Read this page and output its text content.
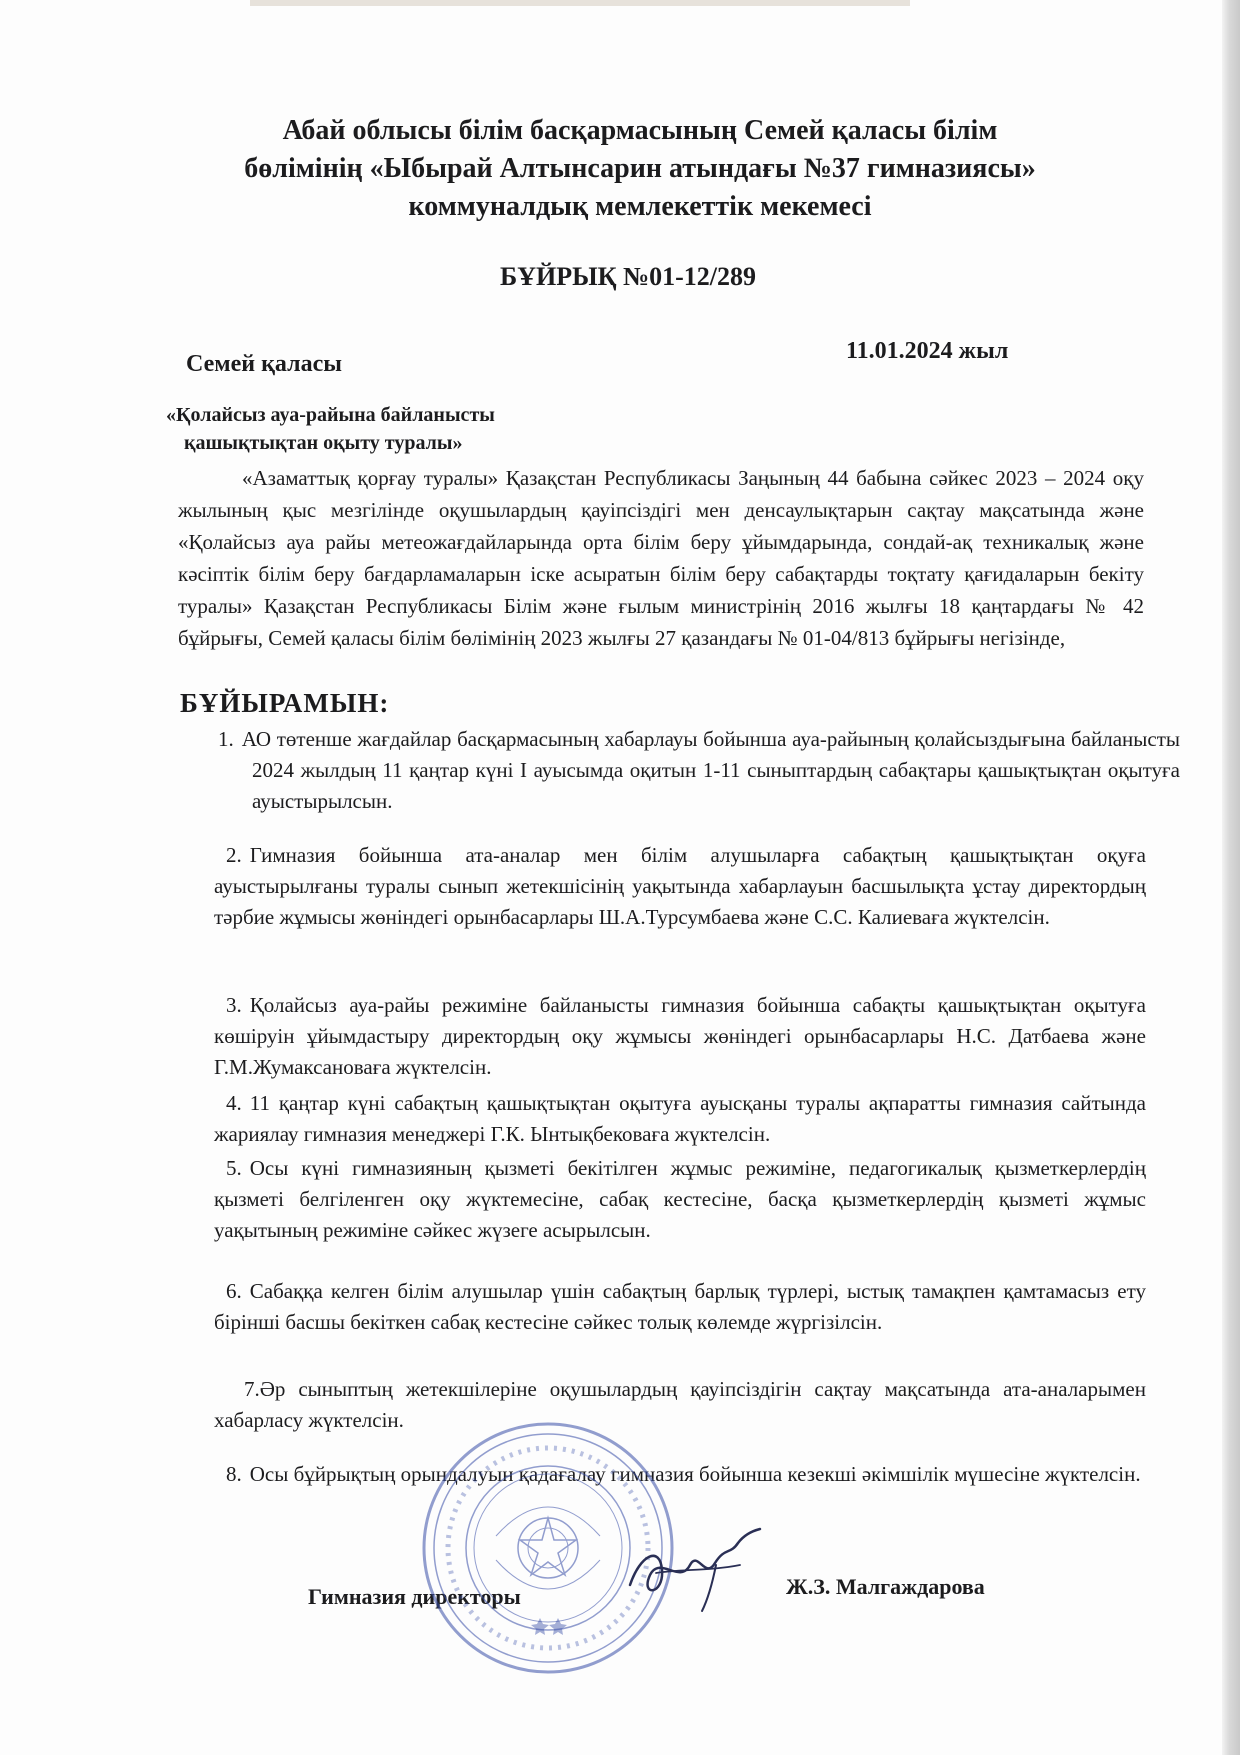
Абай облысы білім басқармасының Семей қаласы білім
бөлімінің «Ыбырай Алтынсарин атындағы №37 гимназиясы»
коммуналдық мемлекеттік мекемесі
БҰЙРЫҚ №01-12/289
Семей қаласы	11.01.2024 жыл
«Қолайсыз ауа-райына байланысты
қашықтықтан оқыту туралы»

«Азаматтық қорғау туралы» Қазақстан Республикасы Заңының 44 бабына сәйкес 2023 – 2024 оқу жылының қыс мезгілінде оқушылардың қауіпсіздігі мен денсаулықтарын сақтау мақсатында және «Қолайсыз ауа райы метеожағдайларында орта білім беру ұйымдарында, сондай-ақ техникалық және кәсіптік білім беру бағдарламаларын іске асыратын білім беру сабақтарды тоқтату қағидаларын бекіту туралы» Қазақстан Республикасы Білім және ғылым министрінің 2016 жылғы 18 қаңтардағы № 42 бұйрығы, Семей қаласы білім бөлімінің 2023 жылғы 27 қазандағы № 01-04/813 бұйрығы негізінде,

БҰЙЫРАМЫН:

1. АО төтенше жағдайлар басқармасының хабарлауы бойынша ауа-райының қолайсыздығына байланысты 2024 жылдың 11 қаңтар күні I ауысымда оқитын 1-11 сыныптардың сабақтары қашықтықтан оқытуға ауыстырылсын.

2. Гимназия бойынша ата-аналар мен білім алушыларға сабақтың қашықтықтан оқуға ауыстырылғаны туралы сынып жетекшісінің уақытында хабарлауын басшылықта ұстау директордың тәрбие жұмысы жөніндегі орынбасарлары Ш.А.Турсумбаева және С.С. Калиеваға жүктелсін.

3. Қолайсыз ауа-райы режиміне байланысты гимназия бойынша сабақты қашықтықтан оқытуға көшіруін ұйымдастыру директордың оқу жұмысы жөніндегі орынбасарлары Н.С. Датбаева және Г.М.Жумаксановаға жүктелсін.

4. 11 қаңтар күні сабақтың қашықтықтан оқытуға ауысқаны туралы ақпаратты гимназия сайтында жариялау гимназия менеджері Г.К. Ынтықбековаға жүктелсін.

5. Осы күні гимназияның қызметі бекітілген жұмыс режиміне, педагогикалық қызметкерлердің қызметі белгіленген оқу жүктемесіне, сабақ кестесіне, басқа қызметкерлердің қызметі жұмыс уақытының режиміне сәйкес жүзеге асырылсын.

6. Сабаққа келген білім алушылар үшін сабақтың барлық түрлері, ыстық тамақпен қамтамасыз ету бірінші басшы бекіткен сабақ кестесіне сәйкес толық көлемде жүргізілсін.

7.Әр сыныптың жетекшілеріне оқушылардың қауіпсіздігін сақтау мақсатында ата-аналарымен хабарласу жүктелсін.

8. Осы бұйрықтың орындалуын қадағалау гимназия бойынша кезекші әкімшілік мүшесіне жүктелсін.

Гимназия директоры	Ж.З. Малгаждарова
